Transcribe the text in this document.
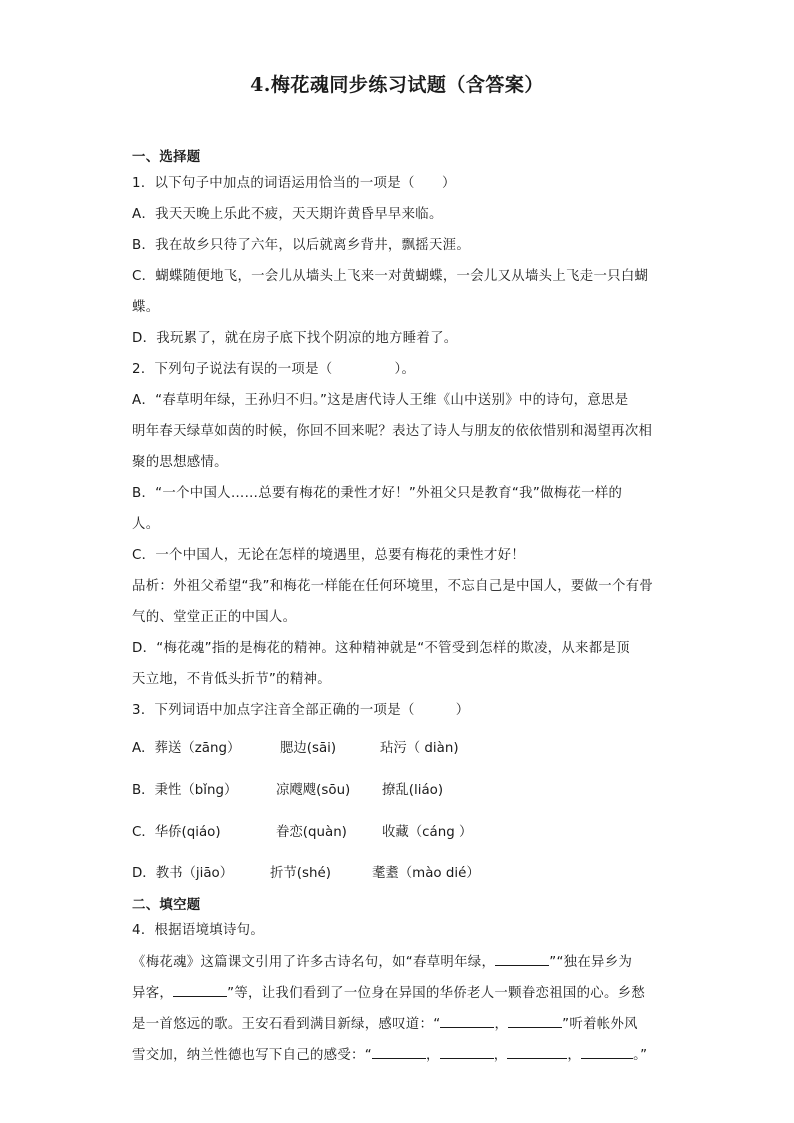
4.梅花魂同步练习试题（含答案）
一、选择题
1．以下句子中加点的词语运用恰当的一项是（　　）
A．我天天晚上乐此不疲，天天期许黄昏早早来临。
B．我在故乡只待了六年，以后就离乡背井，飘摇天涯。
C．蝴蝶随便地飞，一会儿从墙头上飞来一对黄蝴蝶，一会儿又从墙头上飞走一只白蝴
蝶。
D．我玩累了，就在房子底下找个阴凉的地方睡着了。
2．下列句子说法有误的一项是（	）。
A．“春草明年绿，王孙归不归。”这是唐代诗人王维《山中送别》中的诗句，意思是
明年春天绿草如茵的时候，你回不回来呢？表达了诗人与朋友的依依惜别和渴望再次相
聚的思想感情。
B．“一个中国人……总要有梅花的秉性才好！”外祖父只是教育“我”做梅花一样的
人。
C．一个中国人，无论在怎样的境遇里，总要有梅花的秉性才好！
品析：外祖父希望“我”和梅花一样能在任何环境里，不忘自己是中国人，要做一个有骨
气的、堂堂正正的中国人。
D．“梅花魂”指的是梅花的精神。这种精神就是“不管受到怎样的欺凌，从来都是顶
天立地，不肯低头折节”的精神。
3．下列词语中加点字注音全部正确的一项是（　　　）
A．葬送（zāng）	腮边(sāi)	玷污（ diàn)
B．秉性（bǐng）	凉飕飕(sōu) 撩乱(liáo)
C．华侨(qiáo)	眷恋(quàn)	收藏（cáng ）
D．教书（jiāo）	折节(shé)	耄耋（mào dié）
二、填空题
4．根据语境填诗句。
《梅花魂》这篇课文引用了许多古诗名句，如“春草明年绿，	”“独在异乡为
异客，	”等，让我们看到了一位身在异国的华侨老人一颗眷恋祖国的心。乡愁
是一首悠远的歌。王安石看到满目新绿，感叹道：“	，	”听着帐外风
雪交加，纳兰性德也写下自己的感受：“	，	，	，	。”
